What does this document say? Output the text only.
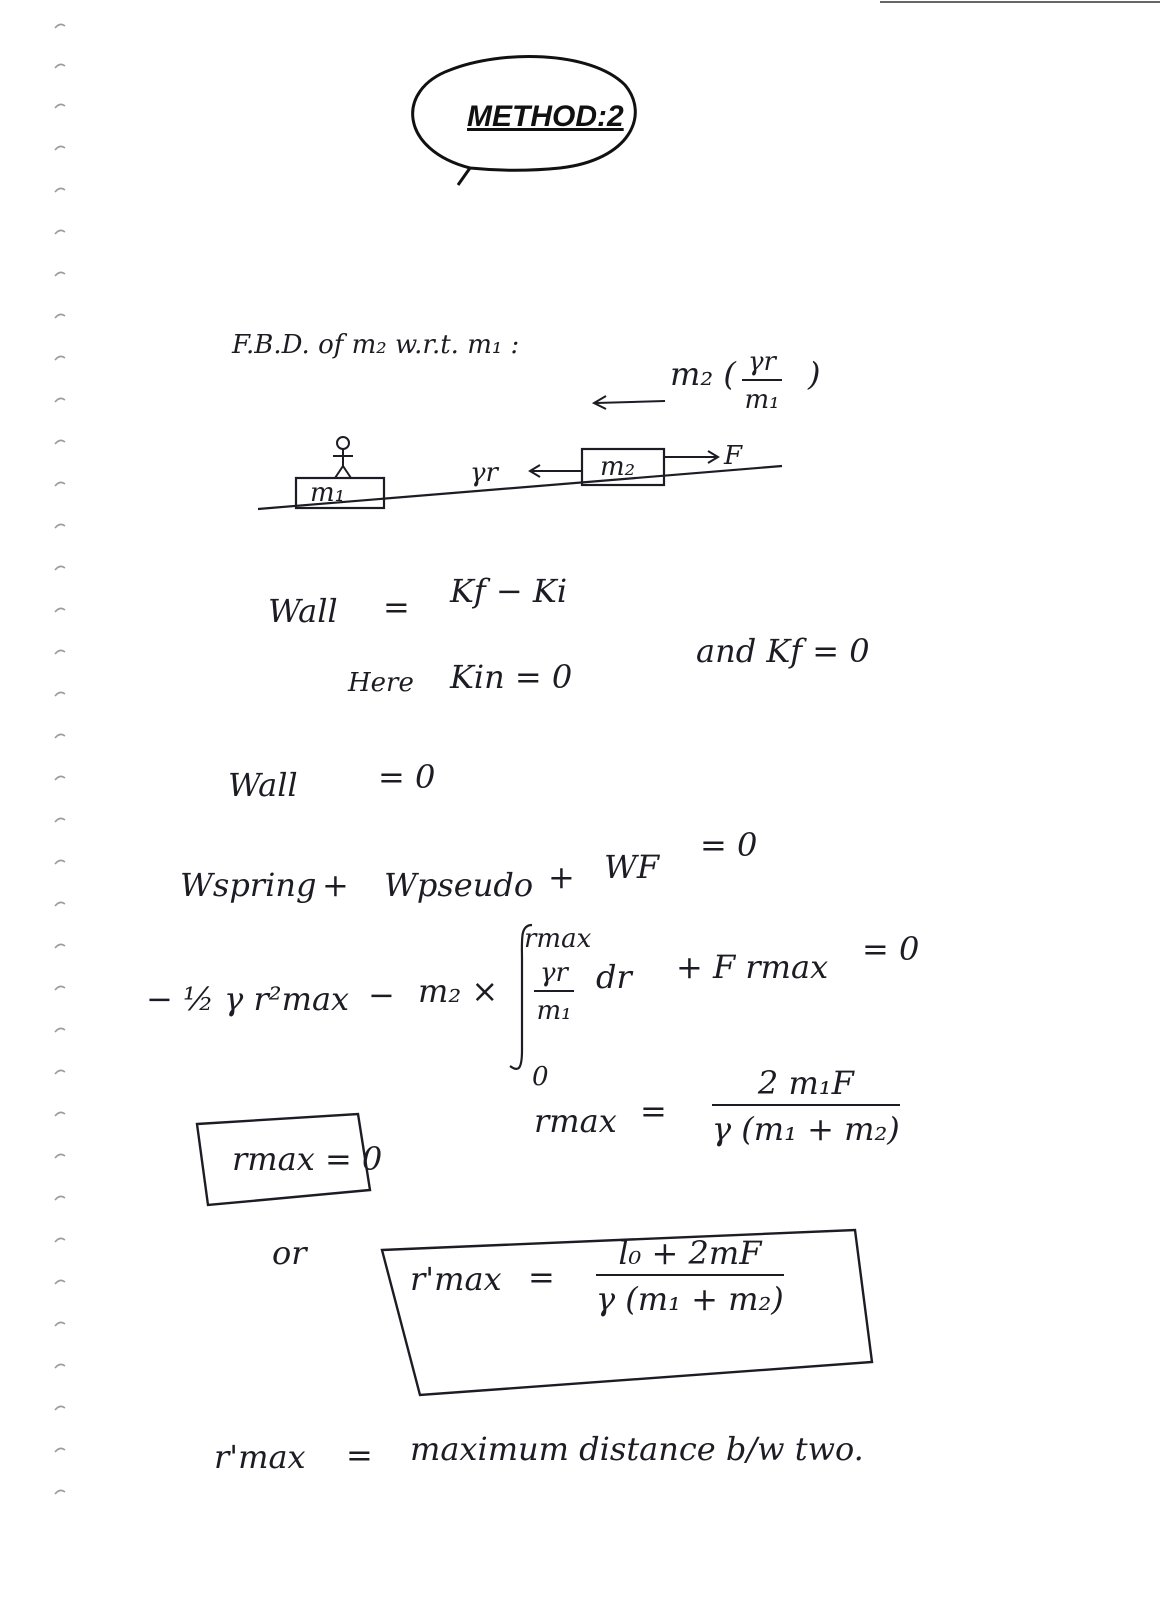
METHOD:2
F.B.D. of m₂ w.r.t. m₁ :
m₂ ( $\frac{\gamma r}{\text{m₁}}$ )
m₁
m₂
γr
F
Wall = Kf − Ki
Here Kin = 0
and Kf = 0
Wall	= 0
Wspring + Wpseudo + WF
= 0
− ½ γ r²max − m₂ ×
rmax
0
$\frac{\gamma r}{\text{m₁}}$ dr + F rmax = 0
rmax = 0
$rmax = \frac{\text{2 m₁F}}{\text{γ (m₁ + m₂)}}$
or
$r'\max = \frac{\text{l₀ + 2mF}}{\text{γ (m₁ + m₂)}}$
r'max = maximum distance b/w two.
